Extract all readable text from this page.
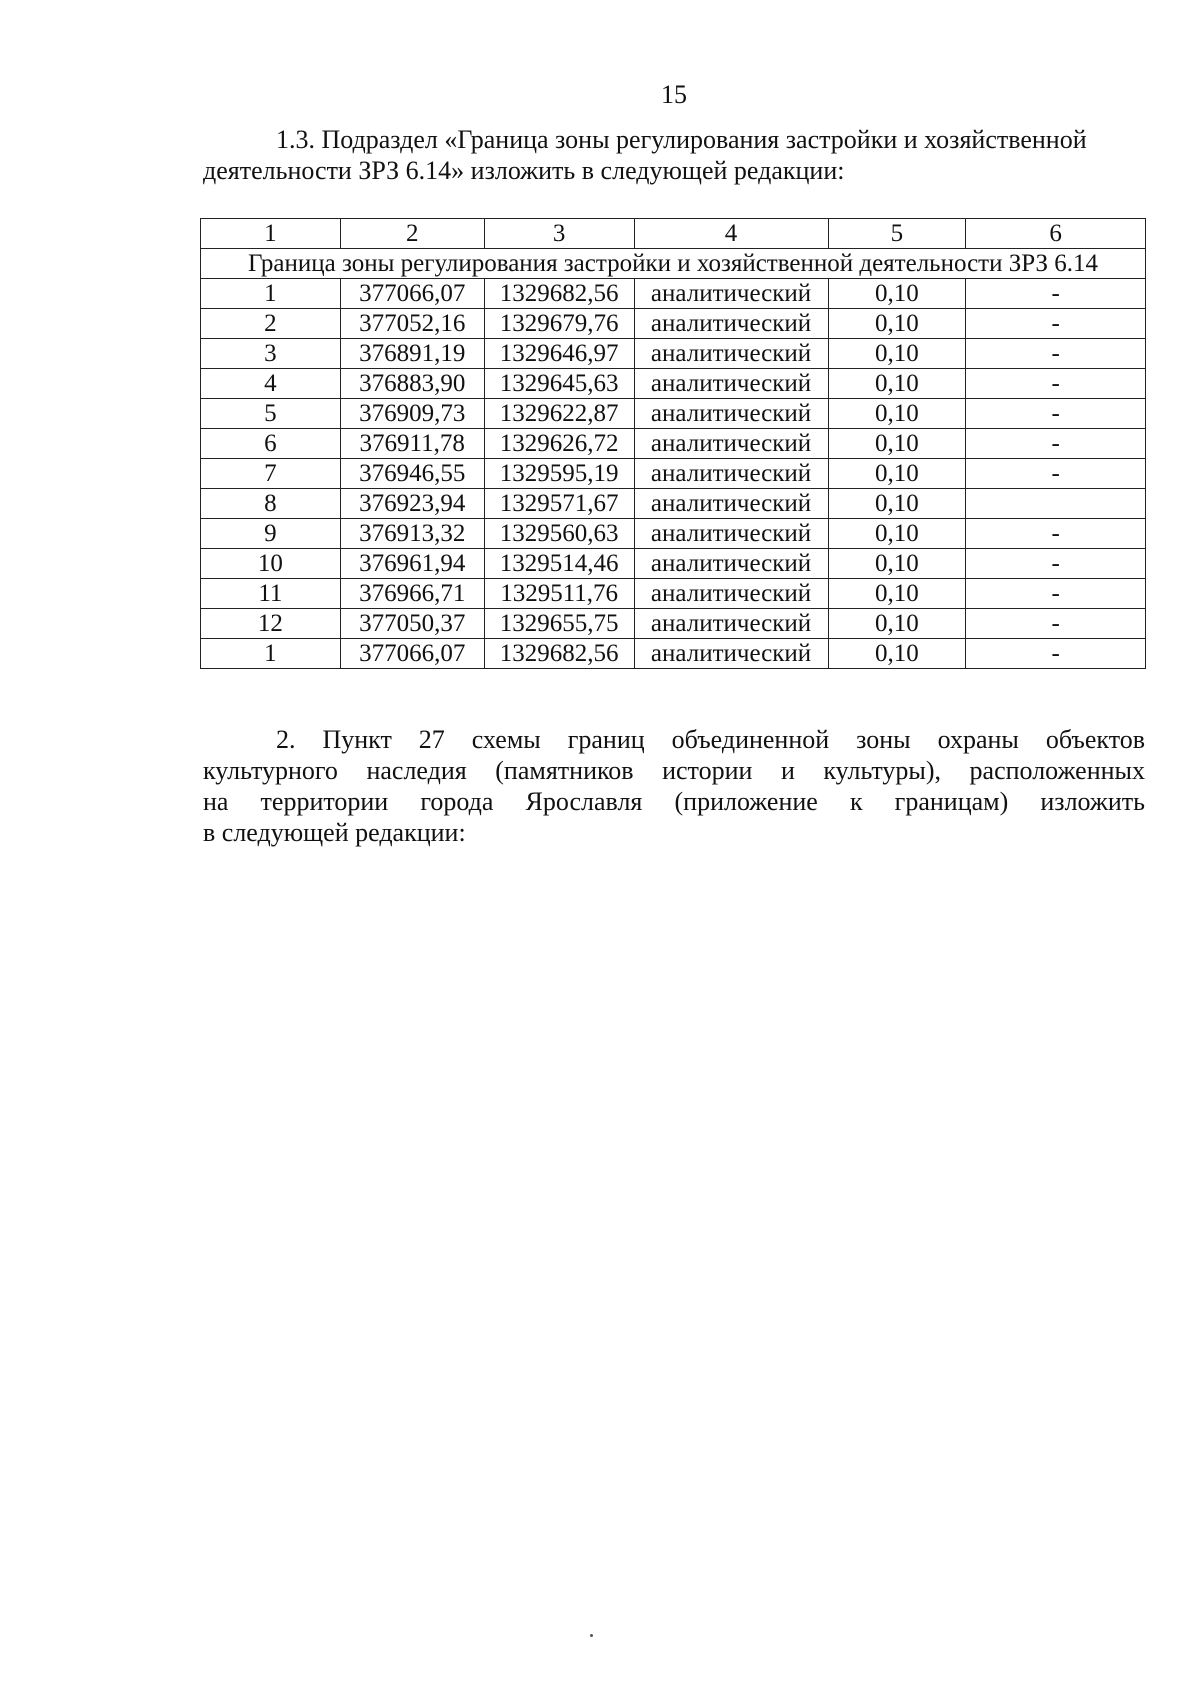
15

1.3. Подраздел «Граница зоны регулирования застройки и хозяйственной
деятельности ЗРЗ 6.14» изложить в следующей редакции:

1	2	3	4	5	6
Граница зоны регулирования застройки и хозяйственной деятельности ЗРЗ 6.14					
1	377066,07	1329682,56	аналитический	0,10	-
2	377052,16	1329679,76	аналитический	0,10	-
3	376891,19	1329646,97	аналитический	0,10	-
4	376883,90	1329645,63	аналитический	0,10	-
5	376909,73	1329622,87	аналитический	0,10	-
6	376911,78	1329626,72	аналитический	0,10	-
7	376946,55	1329595,19	аналитический	0,10	-
8	376923,94	1329571,67	аналитический	0,10	
9	376913,32	1329560,63	аналитический	0,10	-
10	376961,94	1329514,46	аналитический	0,10	-
11	376966,71	1329511,76	аналитический	0,10	-
12	377050,37	1329655,75	аналитический	0,10	-
1	377066,07	1329682,56	аналитический	0,10	-

2. Пункт 27 схемы границ объединенной зоны охраны объектов
культурного наследия (памятников истории и культуры), расположенных
на территории города Ярославля (приложение к границам) изложить
в следующей редакции:
